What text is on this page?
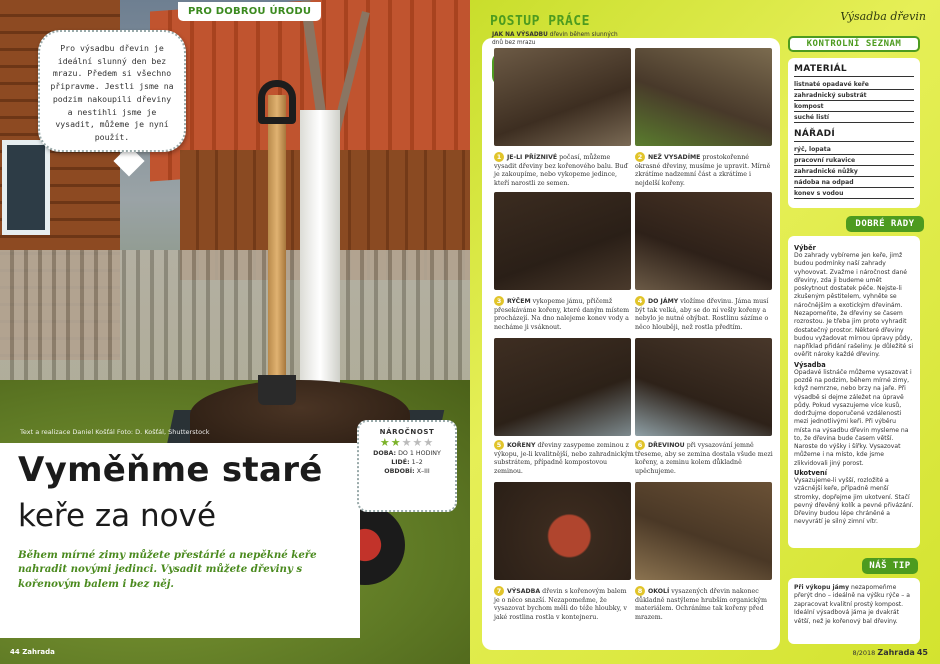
PRO DOBROU ÚRODU
Pro výsadbu dřevin je ideální slunný den bez mrazu. Předem si všechno připravme. Jestli jsme na podzim nakoupili dřeviny a nestihli jsme je vysadit, můžeme je nyní použít.
Text a realizace Daniel Košťál Foto: D. Košťál, Shutterstock
Vyměňme staré
keře za nové
Během mírné zimy můžete přestárlé a nepěkné keře nahradit novými jedinci. Vysadit můžete dřeviny s kořenovým balem i bez něj.
NÁROČNOST
★★★★★
DOBA: DO 1 HODINY
LIDÉ: 1–2
OBDOBÍ: X–III
44 Zahrada
Výsadba dřevin
POSTUP PRÁCE
JAK NA VÝSADBU dřevin během slunných dnů bez mrazu
1 JE-LI PŘÍZNIVÉ počasí, můžeme vysadit dřeviny bez kořenového balu. Buď je zakoupíme, nebo vykopeme jedince, kteří narostli ze semen.
2 NEŽ VYSADÍME prostokořenné okrasné dřeviny, musíme je upravit. Mírně zkrátíme nadzemní část a zkrátíme i nejdelší kořeny.
3 RÝČEM vykopeme jámu, přičemž přesekáváme kořeny, které daným místem procházejí. Na dno nalejeme konev vody a necháme ji vsáknout.
4 DO JÁMY vložíme dřevinu. Jáma musí být tak velká, aby se do ní vešly kořeny a nebylo je nutné ohýbat. Rostlinu sázíme o něco hlouběji, než rostla předtím.
5 KOŘENY dřeviny zasypeme zeminou z výkopu, je-li kvalitnější, nebo zahradnickým substrátem, případně kompostovou zeminou.
6 DŘEVINOU při vysazování jemně třeseme, aby se zemina dostala všude mezi kořeny, a zeminu kolem důkladně upěchujeme.
7 VÝSADBA dřevin s kořenovým balem je o něco snazší. Nezapomeňme, že vysazovat bychom měli do téže hloubky, v jaké rostlina rostla v kontejneru.
8 OKOLÍ vysazených dřevin nakonec důkladně nastýleme hrubším organickým materiálem. Ochráníme tak kořeny před mrazem.
KONTROLNÍ SEZNAM
MATERIÁL
listnaté opadavé keře
zahradnický substrát
kompost
suché listí
NÁŘADÍ
rýč, lopata
pracovní rukavice
zahradnické nůžky
nádoba na odpad
konev s vodou
DOBRÉ RADY
Výběr

Do zahrady vybíreme jen keře, jimž budou podmínky naší zahrady vyhovovat. Zvažme i náročnost dané dřeviny, zda ji budeme umět poskytnout dostatek péče. Nejste-li zkušeným pěstitelem, vyhněte se náročnějším a exotickým dřevinám. Nezapomeňte, že dřeviny se časem rozrostou. Je třeba jim proto vyhradit dostatečný prostor. Některé dřeviny budou vyžadovat mírnou úpravy půdy, například přidání rašeliny. Je důležité si ověřit nároky každé dřeviny.

Výsadba

Opadavé listnáče můžeme vysazovat i pozdě na podzim, během mírné zimy, když nemrzne, nebo brzy na jaře. Při výsadbě si dejme záležet na úpravě půdy. Pokud vysazujeme více kusů, dodržujme doporučené vzdálenosti mezi jednotlivými keři. Při výběru místa na výsadbu dřevin mysleme na to, že dřevina bude časem větší. Naroste do výšky i šířky. Vysazovat můžeme i na místo, kde jsme zlikvidovali jiný porost.

Ukotvení

Vysazujeme-li vyšší, rozložité a vzácnější keře, případně menší stromky, dopřejme jim ukotvení. Stačí pevný dřevěný kolík a pevné přivázání. Dřeviny budou lépe chráněné a nevyvrátí je silný zimní vítr.

NÁŠ TIP
Při výkopu jámy nezapomeňme přerýt dno – ideálně na výšku rýče – a zapracovat kvalitní prostý kompost. Ideální výsadbová jáma je dvakrát větší, než je kořenový bal dřeviny.
8/2018 Zahrada 45
